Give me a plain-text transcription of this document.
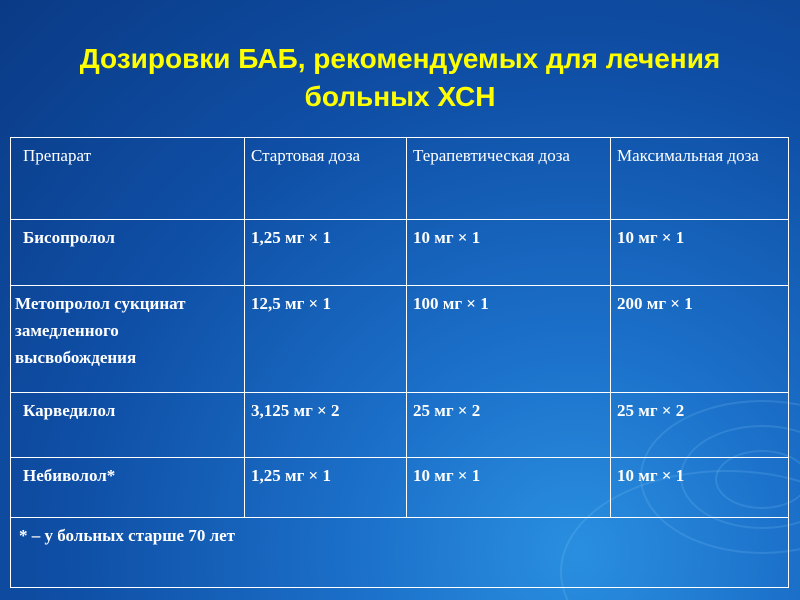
Дозировки БАБ, рекомендуемых для лечения
больных ХСН
Препарат	Стартовая доза	Терапевтическая доза	Максимальная доза
Бисопролол	1,25 мг × 1	10 мг × 1	10 мг × 1
Метопролол сукцинат замедленного высвобождения	12,5 мг × 1	100 мг × 1	200 мг × 1
Карведилол	3,125 мг × 2	25 мг × 2	25 мг × 2
Небиволол*	1,25 мг × 1	10 мг × 1	10 мг × 1
* – у больных старше 70 лет			
